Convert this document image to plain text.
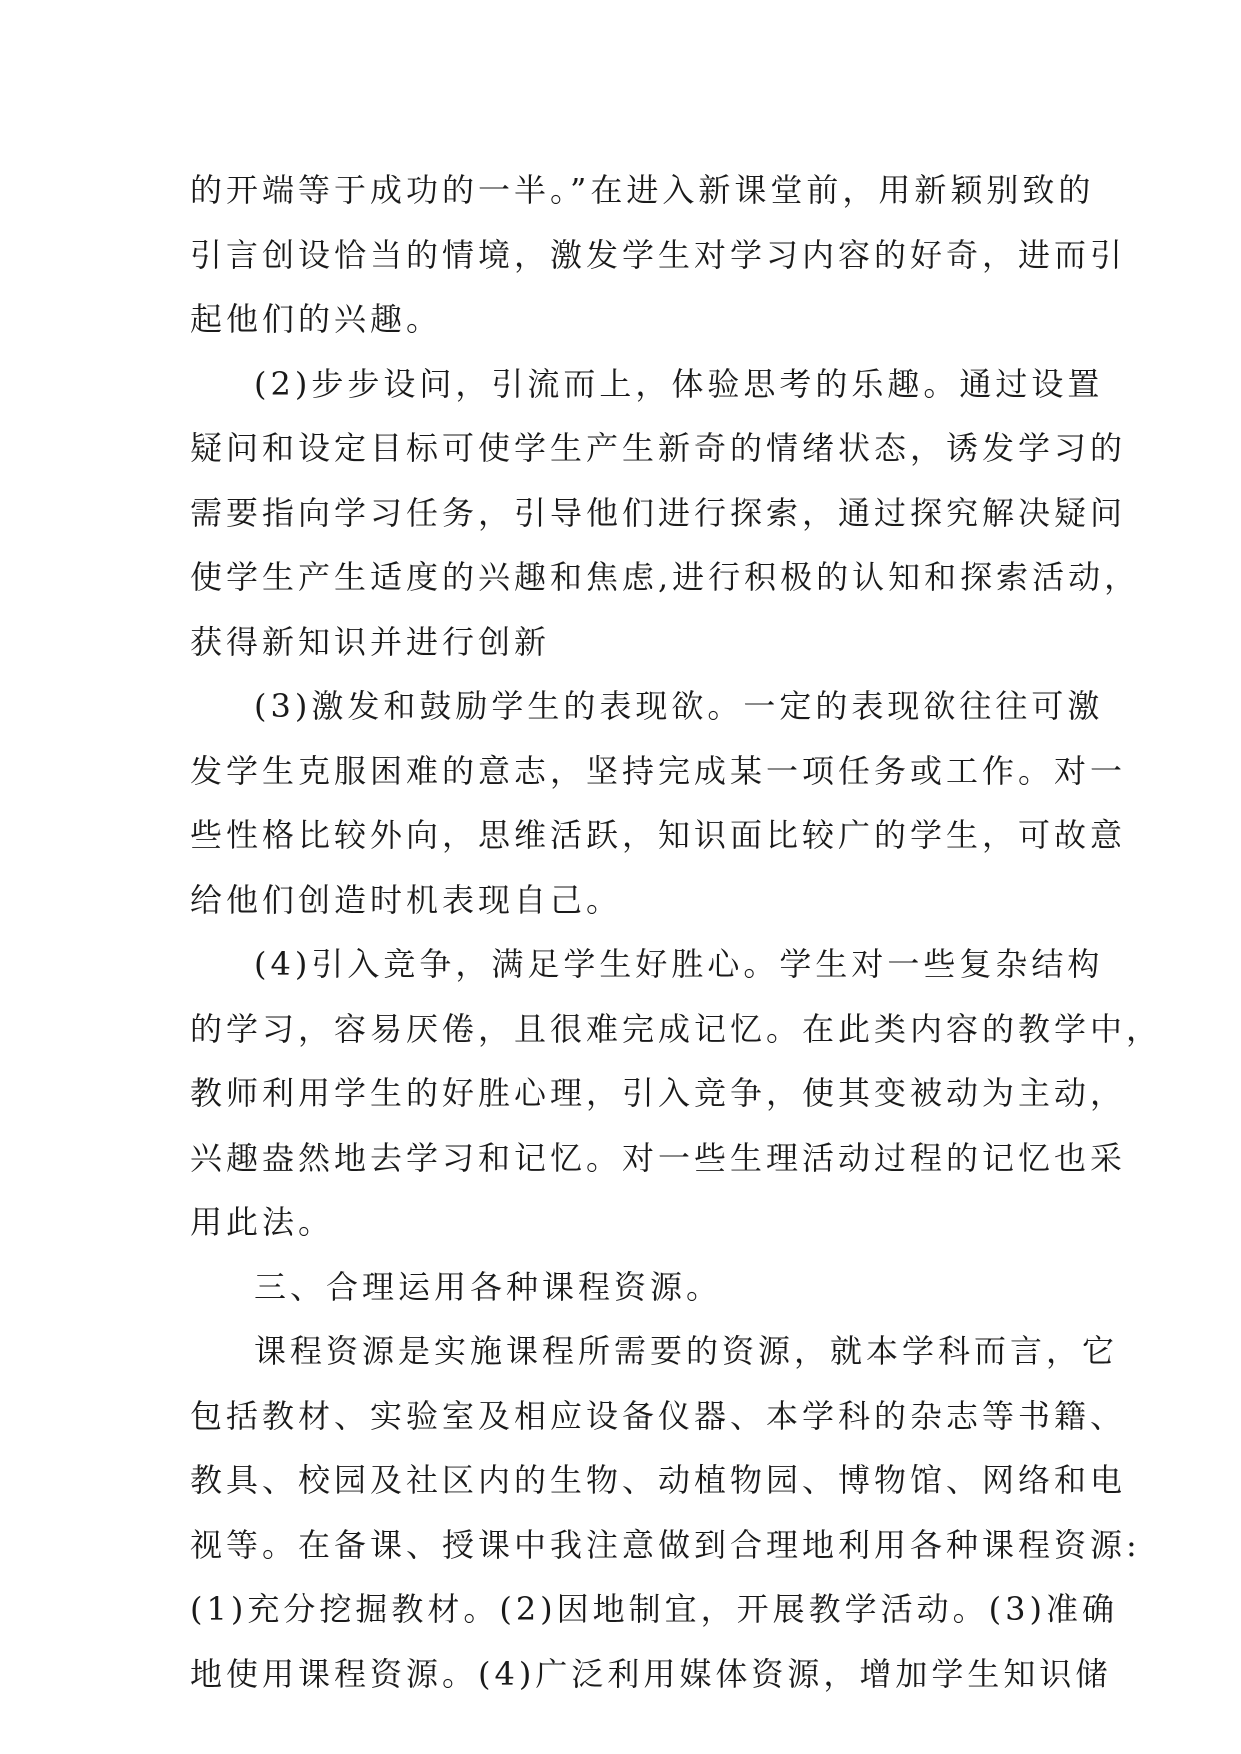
的开端等于成功的一半。”在进入新课堂前，用新颖别致的
引言创设恰当的情境，激发学生对学习内容的好奇，进而引
起他们的兴趣。
(2)步步设问，引流而上，体验思考的乐趣。通过设置
疑问和设定目标可使学生产生新奇的情绪状态，诱发学习的
需要指向学习任务，引导他们进行探索，通过探究解决疑问
使学生产生适度的兴趣和焦虑,进行积极的认知和探索活动，
获得新知识并进行创新
(3)激发和鼓励学生的表现欲。一定的表现欲往往可激
发学生克服困难的意志，坚持完成某一项任务或工作。对一
些性格比较外向，思维活跃，知识面比较广的学生，可故意
给他们创造时机表现自己。
(4)引入竞争，满足学生好胜心。学生对一些复杂结构
的学习，容易厌倦，且很难完成记忆。在此类内容的教学中，
教师利用学生的好胜心理，引入竞争，使其变被动为主动，
兴趣盎然地去学习和记忆。对一些生理活动过程的记忆也采
用此法。
三、合理运用各种课程资源。
课程资源是实施课程所需要的资源，就本学科而言，它
包括教材、实验室及相应设备仪器、本学科的杂志等书籍、
教具、校园及社区内的生物、动植物园、博物馆、网络和电
视等。在备课、授课中我注意做到合理地利用各种课程资源:
(1)充分挖掘教材。(2)因地制宜，开展教学活动。(3)准确
地使用课程资源。(4)广泛利用媒体资源，增加学生知识储
